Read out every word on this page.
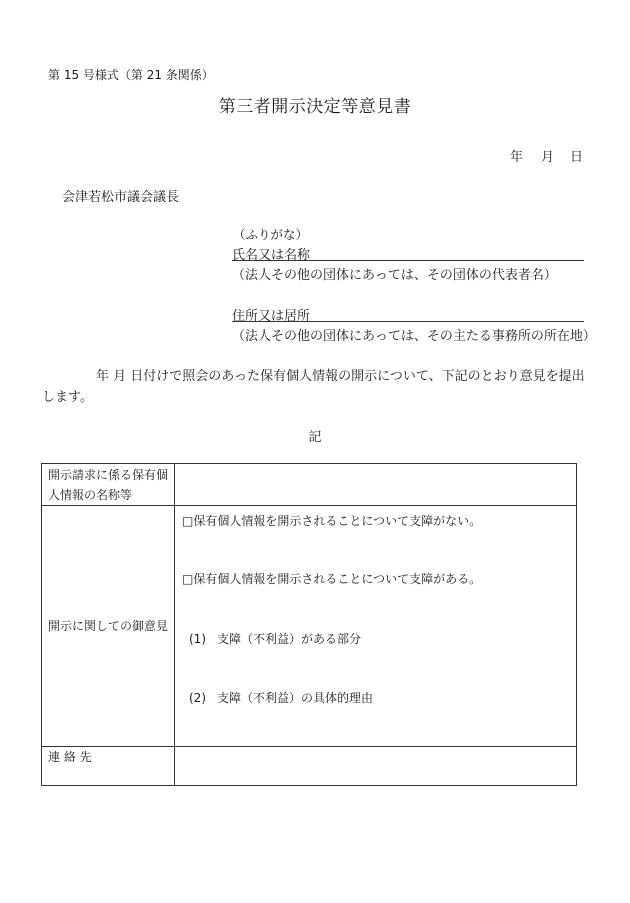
第 15 号様式（第 21 条関係）
第三者開示決定等意見書
年 月 日
会津若松市議会議長
（ふりがな）
氏名又は名称
（法人その他の団体にあっては、その団体の代表者名）
住所又は居所
（法人その他の団体にあっては、その主たる事務所の所在地）
年 月 日付けで照会のあった保有個人情報の開示について、下記のとおり意見を提出します。
記
開示請求に係る保有個人情報の名称等	
開示に関しての御意見	□保有個人情報を開示されることについて支障がない。
□保有個人情報を開示されることについて支障がある。
(1) 支障（不利益）がある部分
(2) 支障（不利益）の具体的理由

連 絡 先	
